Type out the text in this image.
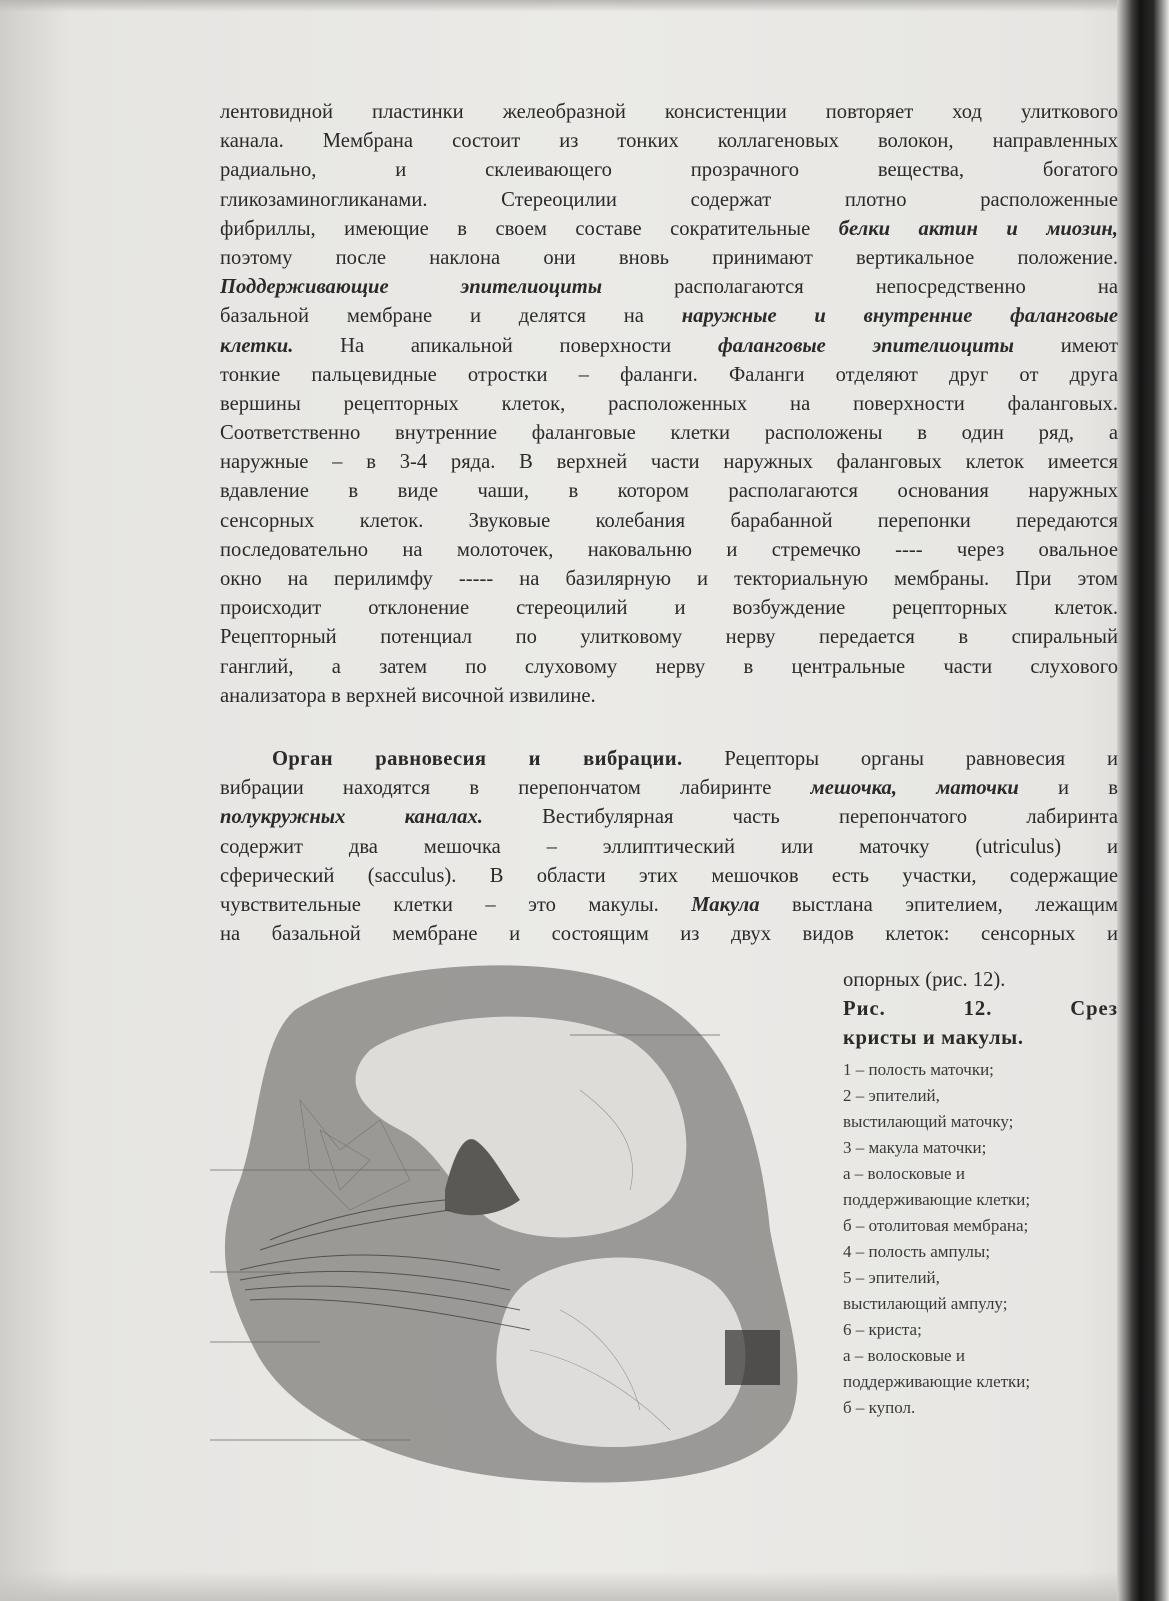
лентовидной пластинки желеобразной консистенции повторяет ход улиткового
канала. Мембрана состоит из тонких коллагеновых волокон, направленных
радиально, и склеивающего прозрачного вещества, богатого
гликозаминогликанами. Стереоцилии содержат плотно расположенные
фибриллы, имеющие в своем составе сократительные белки актин и миозин,
поэтому после наклона они вновь принимают вертикальное положение.
Поддерживающие эпителиоциты располагаются непосредственно на
базальной мембране и делятся на наружные и внутренние фаланговые
клетки. На апикальной поверхности фаланговые эпителиоциты имеют
тонкие пальцевидные отростки – фаланги. Фаланги отделяют друг от друга
вершины рецепторных клеток, расположенных на поверхности фаланговых.
Соответственно внутренние фаланговые клетки расположены в один ряд, а
наружные – в 3-4 ряда. В верхней части наружных фаланговых клеток имеется
вдавление в виде чаши, в котором располагаются основания наружных
сенсорных клеток. Звуковые колебания барабанной перепонки передаются
последовательно на молоточек, наковальню и стремечко ---- через овальное
окно на перилимфу ----- на базилярную и текториальную мембраны. При этом
происходит отклонение стереоцилий и возбуждение рецепторных клеток.
Рецепторный потенциал по улитковому нерву передается в спиральный
ганглий, а затем по слуховому нерву в центральные части слухового
анализатора в верхней височной извилине.
Орган равновесия и вибрации. Рецепторы органы равновесия и
вибрации находятся в перепончатом лабиринте мешочка, маточки и в
полукружных каналах. Вестибулярная часть перепончатого лабиринта
содержит два мешочка – эллиптический или маточку (utriculus) и
сферический (sacculus). В области этих мешочков есть участки, содержащие
чувствительные клетки – это макулы. Макула выстлана эпителием, лежащим
на базальной мембране и состоящим из двух видов клеток: сенсорных и
опорных (рис. 12).
Рис.	12.	Срез
кристы и макулы.
1 – полость маточки;
2 – эпителий,
выстилающий маточку;
3 – макула маточки;
а – волосковые и
поддерживающие клетки;
б – отолитовая мембрана;
4 – полость ампулы;
5 – эпителий,
выстилающий ампулу;
6 – криста;
а – волосковые и
поддерживающие клетки;
б – купол.
